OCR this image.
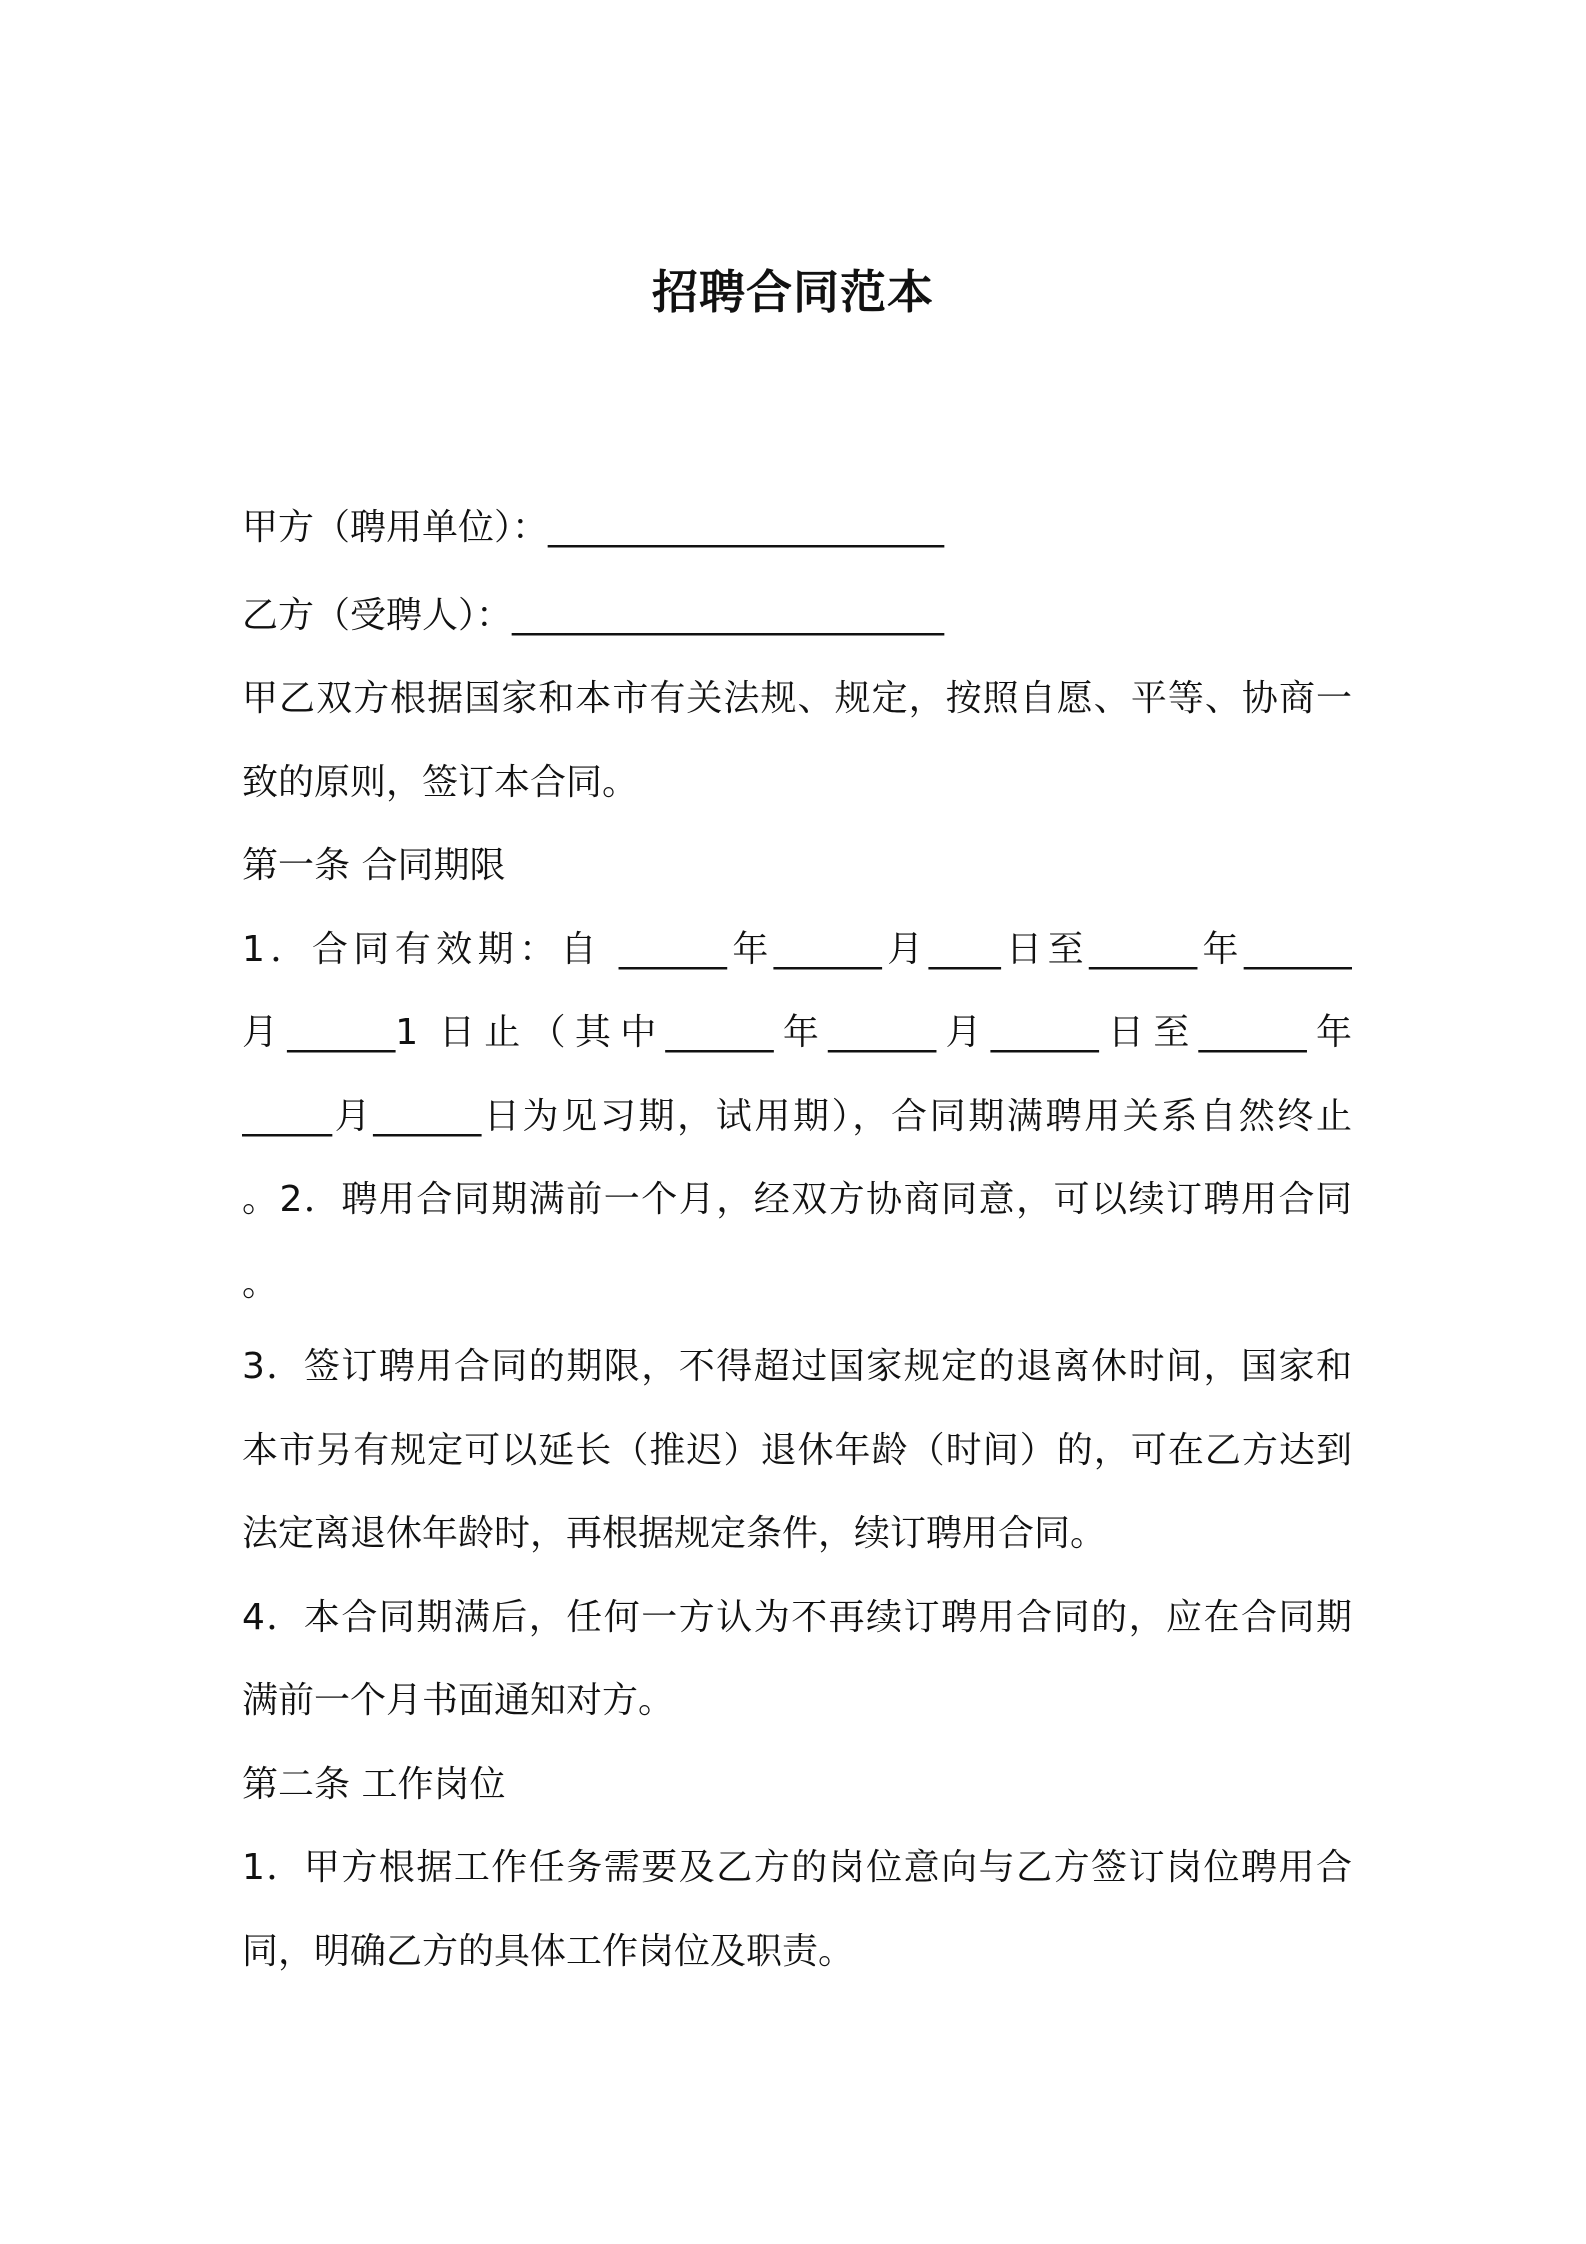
招聘合同范本
甲方（聘用单位）：______________________
乙方（受聘人）：________________________
甲乙双方根据国家和本市有关法规、规定，按照自愿、平等、协商一
致的原则，签订本合同。
第一条 合同期限
1．合同有效期：自 ______年______月____日至______年______
月______1 日止（其中______年______月______日至______年
_____月______日为见习期，试用期），合同期满聘用关系自然终止
。2．聘用合同期满前一个月，经双方协商同意，可以续订聘用合同
。
3．签订聘用合同的期限，不得超过国家规定的退离休时间，国家和
本市另有规定可以延长（推迟）退休年龄（时间）的，可在乙方达到
法定离退休年龄时，再根据规定条件，续订聘用合同。
4．本合同期满后，任何一方认为不再续订聘用合同的，应在合同期
满前一个月书面通知对方。
第二条 工作岗位
1．甲方根据工作任务需要及乙方的岗位意向与乙方签订岗位聘用合
同，明确乙方的具体工作岗位及职责。
